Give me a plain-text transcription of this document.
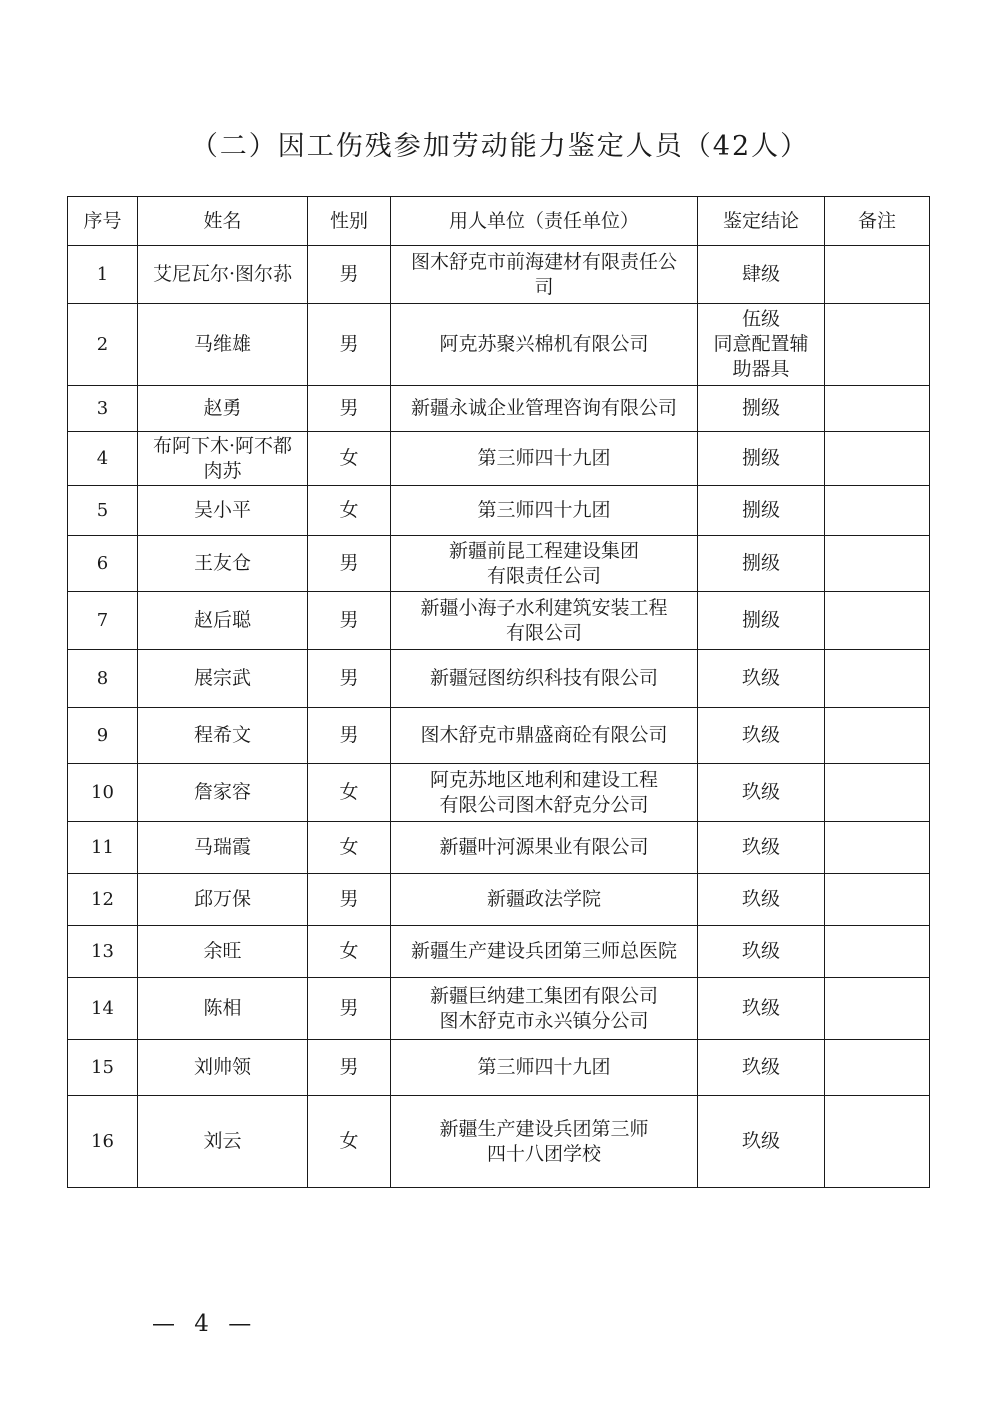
（二）因工伤残参加劳动能力鉴定人员（42人）
序号	姓名	性别	用人单位（责任单位）	鉴定结论	备注
1	艾尼瓦尔·图尔荪	男	图木舒克市前海建材有限责任公
司	肆级	
2	马维雄	男	阿克苏聚兴棉机有限公司	伍级
同意配置辅
助器具	
3	赵勇	男	新疆永诚企业管理咨询有限公司	捌级	
4	布阿下木·阿不都
肉苏	女	第三师四十九团	捌级	
5	吴小平	女	第三师四十九团	捌级	
6	王友仓	男	新疆前昆工程建设集团
有限责任公司	捌级	
7	赵后聪	男	新疆小海子水利建筑安装工程
有限公司	捌级	
8	展宗武	男	新疆冠图纺织科技有限公司	玖级	
9	程希文	男	图木舒克市鼎盛商砼有限公司	玖级	
10	詹家容	女	阿克苏地区地利和建设工程
有限公司图木舒克分公司	玖级	
11	马瑞霞	女	新疆叶河源果业有限公司	玖级	
12	邱万保	男	新疆政法学院	玖级	
13	余旺	女	新疆生产建设兵团第三师总医院	玖级	
14	陈相	男	新疆巨纳建工集团有限公司
图木舒克市永兴镇分公司	玖级	
15	刘帅领	男	第三师四十九团	玖级	
16	刘云	女	新疆生产建设兵团第三师
四十八团学校	玖级	
— 4 —
